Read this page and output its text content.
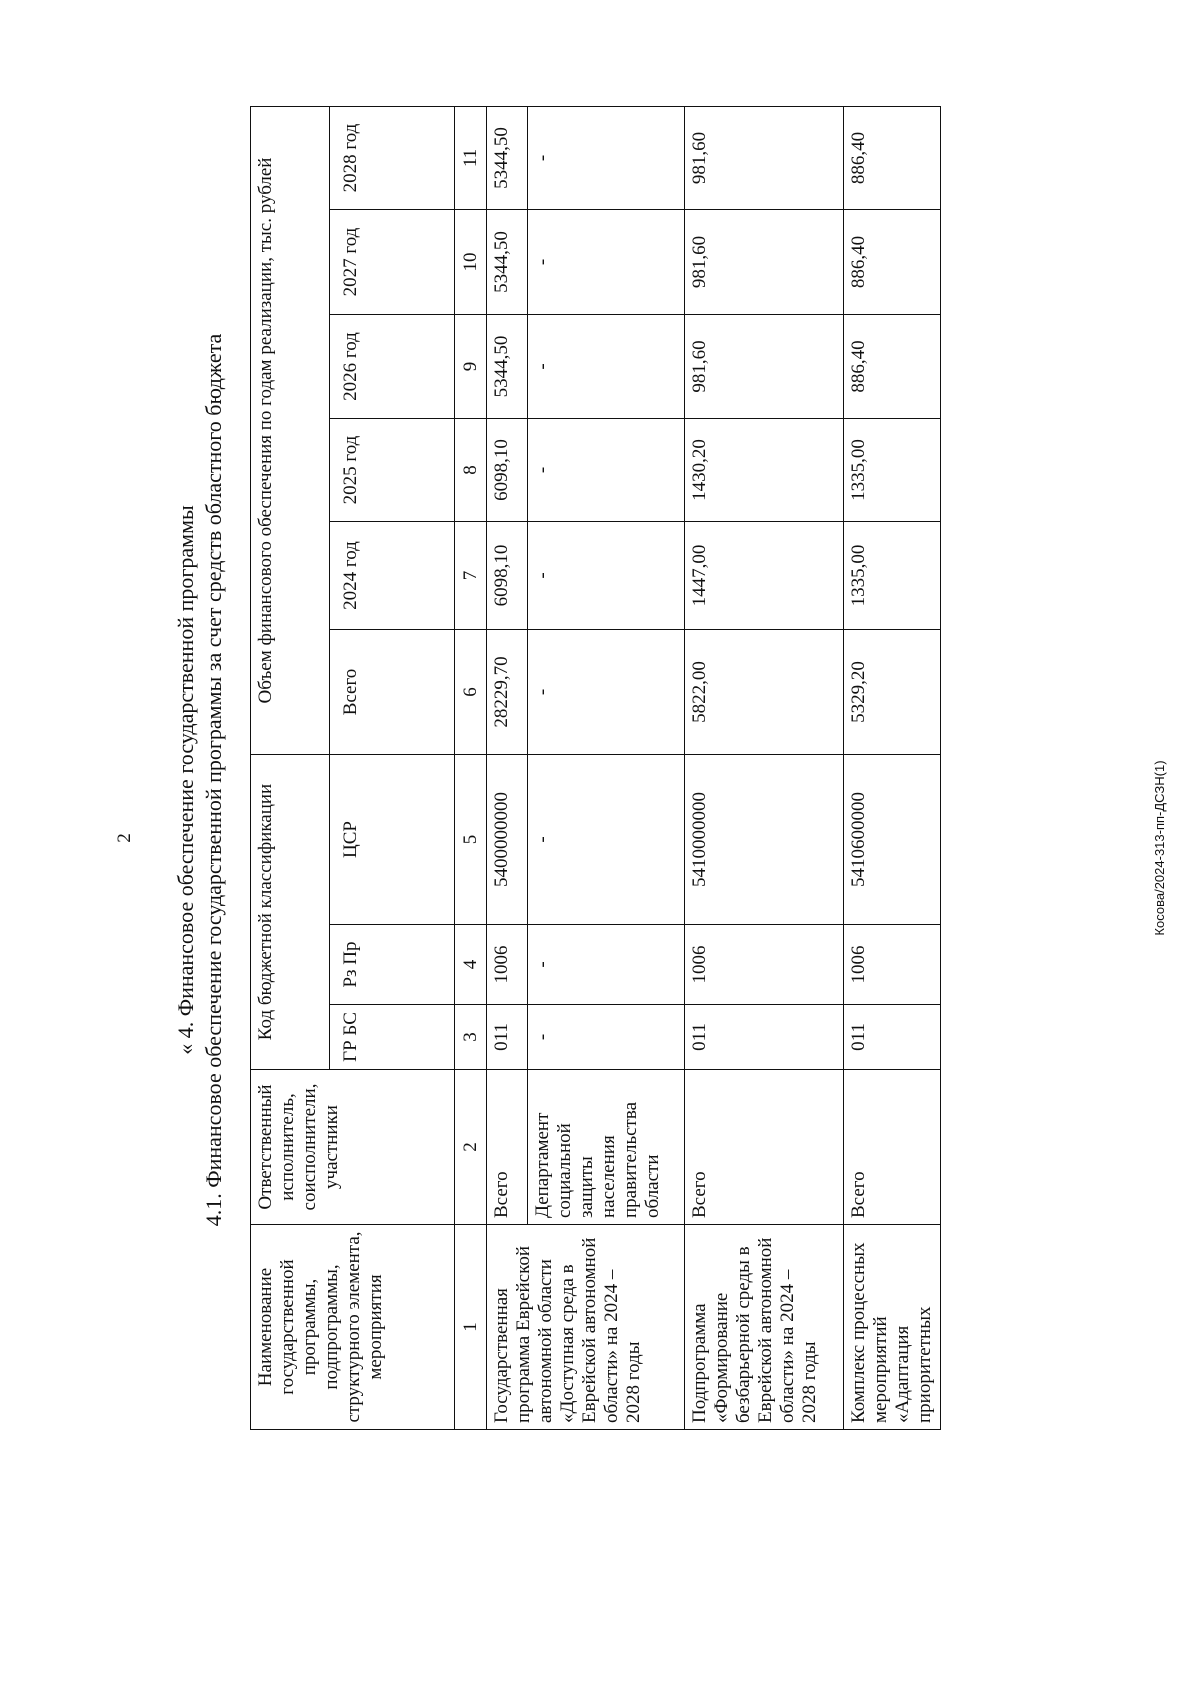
2	Косова/2024-313-пп-ДСЗН(1)
« 4. Финансовое обеспечение государственной программы 4.1. Финансовое обеспечение государственной программы за счет средств областного бюджета
Наименование государственной программы, подпрограммы, структурного элемента, мероприятия	Ответственный исполнитель, соисполнители, участники	Код бюджетной классификации			Объем финансового обеспечения по годам реализации, тыс. рублей					
		ГР БС	Рз Пр	ЦСР	Всего	2024 год	2025 год	2026 год	2027 год	2028 год
1	2	3	4	5	6	7	8	9	10	11
Государственная программа Еврейской автономной области «Доступная среда в Еврейской автономной области» на 2024 – 2028 годы	Всего	011	1006	5400000000	28229,70	6098,10	6098,10	5344,50	5344,50	5344,50
	Департамент социальной защиты населения правительства области	-	-	-	-	-	-	-	-	-
Подпрограмма «Формирование безбарьерной среды в Еврейской автономной области» на 2024 – 2028 годы	Всего	011	1006	5410000000	5822,00	1447,00	1430,20	981,60	981,60	981,60
Комплекс процессных мероприятий «Адаптация приоритетных	Всего	011	1006	5410600000	5329,20	1335,00	1335,00	886,40	886,40	886,40
